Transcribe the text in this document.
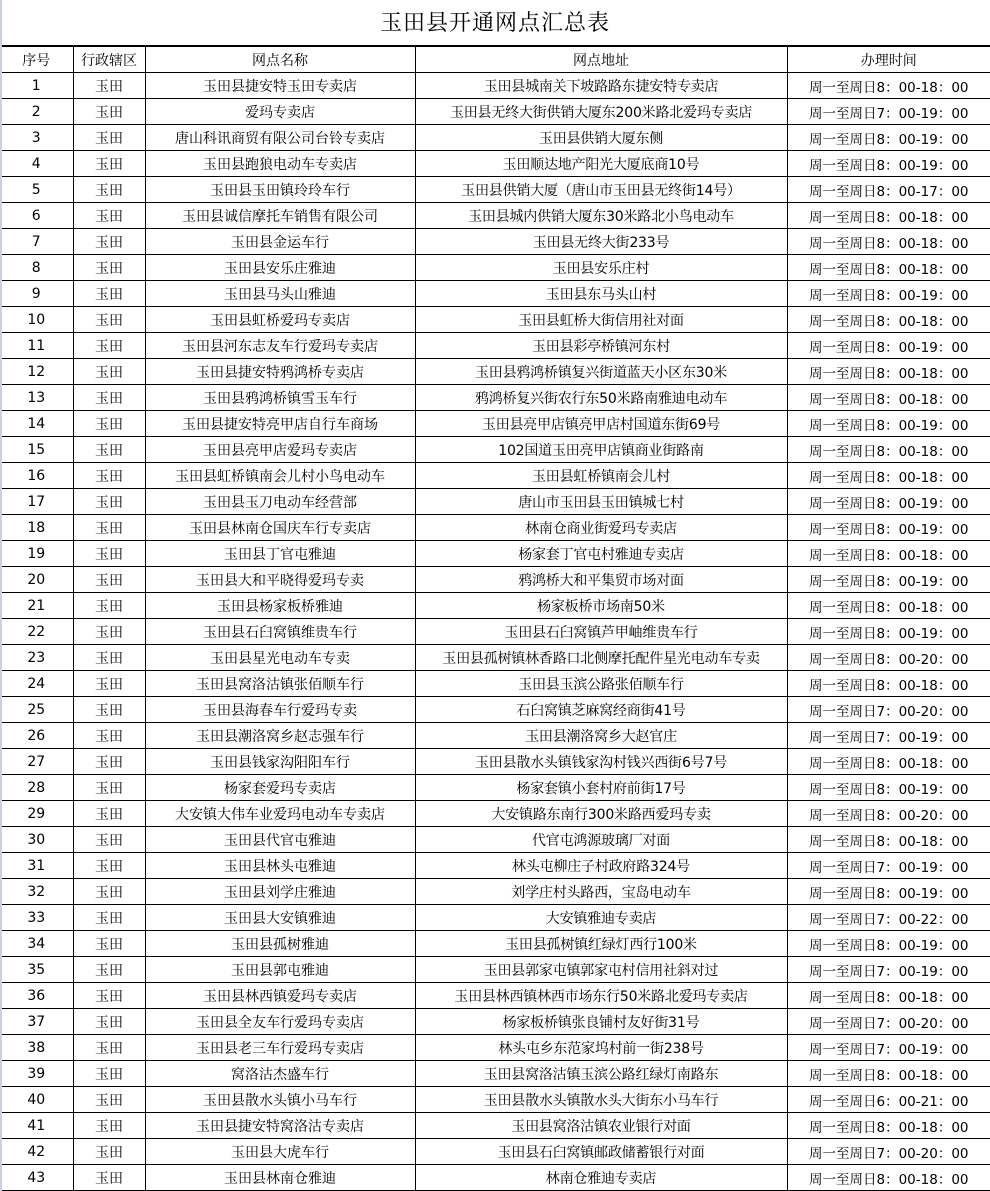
玉田县开通网点汇总表
序号	行政辖区	网点名称	网点地址	办理时间
1	玉田	玉田县捷安特玉田专卖店	玉田县城南关下坡路路东捷安特专卖店	周一至周日8：00-18：00
2	玉田	爱玛专卖店	玉田县无终大街供销大厦东200米路北爱玛专卖店	周一至周日7：00-19：00
3	玉田	唐山科讯商贸有限公司台铃专卖店	玉田县供销大厦东侧	周一至周日8：00-19：00
4	玉田	玉田县跑狼电动车专卖店	玉田顺达地产阳光大厦底商10号	周一至周日8：00-19：00
5	玉田	玉田县玉田镇玲玲车行	玉田县供销大厦（唐山市玉田县无终街14号）	周一至周日8：00-17：00
6	玉田	玉田县诚信摩托车销售有限公司	玉田县城内供销大厦东30米路北小鸟电动车	周一至周日8：00-18：00
7	玉田	玉田县金运车行	玉田县无终大街233号	周一至周日8：00-18：00
8	玉田	玉田县安乐庄雅迪	玉田县安乐庄村	周一至周日8：00-18：00
9	玉田	玉田县马头山雅迪	玉田县东马头山村	周一至周日8：00-19：00
10	玉田	玉田县虹桥爱玛专卖店	玉田县虹桥大街信用社对面	周一至周日8：00-18：00
11	玉田	玉田县河东志友车行爱玛专卖店	玉田县彩亭桥镇河东村	周一至周日8：00-19：00
12	玉田	玉田县捷安特鸦鸿桥专卖店	玉田县鸦鸿桥镇复兴街道蓝天小区东30米	周一至周日8：00-18：00
13	玉田	玉田县鸦鸿桥镇雪玉车行	鸦鸿桥复兴街农行东50米路南雅迪电动车	周一至周日8：00-18：00
14	玉田	玉田县捷安特亮甲店自行车商场	玉田县亮甲店镇亮甲店村国道东街69号	周一至周日8：00-19：00
15	玉田	玉田县亮甲店爱玛专卖店	102国道玉田亮甲店镇商业街路南	周一至周日8：00-18：00
16	玉田	玉田县虹桥镇南会儿村小鸟电动车	玉田县虹桥镇南会儿村	周一至周日8：00-18：00
17	玉田	玉田县玉刀电动车经营部	唐山市玉田县玉田镇城七村	周一至周日8：00-19：00
18	玉田	玉田县林南仓国庆车行专卖店	林南仓商业街爱玛专卖店	周一至周日8：00-19：00
19	玉田	玉田县丁官屯雅迪	杨家套丁官屯村雅迪专卖店	周一至周日8：00-18：00
20	玉田	玉田县大和平晓得爱玛专卖	鸦鸿桥大和平集贸市场对面	周一至周日8：00-19：00
21	玉田	玉田县杨家板桥雅迪	杨家板桥市场南50米	周一至周日8：00-18：00
22	玉田	玉田县石臼窝镇维贵车行	玉田县石臼窝镇芦甲岫维贵车行	周一至周日8：00-19：00
23	玉田	玉田县星光电动车专卖	玉田县孤树镇林香路口北侧摩托配件星光电动车专卖	周一至周日8：00-20：00
24	玉田	玉田县窝洛沽镇张佰顺车行	玉田县玉滨公路张佰顺车行	周一至周日8：00-18：00
25	玉田	玉田县海春车行爱玛专卖	石臼窝镇芝麻窝经商街41号	周一至周日7：00-20：00
26	玉田	玉田县潮洛窝乡赵志强车行	玉田县潮洛窝乡大赵官庄	周一至周日7：00-19：00
27	玉田	玉田县钱家沟阳阳车行	玉田县散水头镇钱家沟村钱兴西街6号7号	周一至周日8：00-18：00
28	玉田	杨家套爱玛专卖店	杨家套镇小套村府前街17号	周一至周日8：00-19：00
29	玉田	大安镇大伟车业爱玛电动车专卖店	大安镇路东南行300米路西爱玛专卖	周一至周日8：00-20：00
30	玉田	玉田县代官屯雅迪	代官屯鸿源玻璃厂对面	周一至周日8：00-18：00
31	玉田	玉田县林头屯雅迪	林头屯柳庄子村政府路324号	周一至周日7：00-19：00
32	玉田	玉田县刘学庄雅迪	刘学庄村头路西，宝岛电动车	周一至周日8：00-19：00
33	玉田	玉田县大安镇雅迪	大安镇雅迪专卖店	周一至周日7：00-22：00
34	玉田	玉田县孤树雅迪	玉田县孤树镇红绿灯西行100米	周一至周日8：00-19：00
35	玉田	玉田县郭屯雅迪	玉田县郭家屯镇郭家屯村信用社斜对过	周一至周日7：00-19：00
36	玉田	玉田县林西镇爱玛专卖店	玉田县林西镇林西市场东行50米路北爱玛专卖店	周一至周日8：00-18：00
37	玉田	玉田县全友车行爱玛专卖店	杨家板桥镇张良铺村友好街31号	周一至周日7：00-20：00
38	玉田	玉田县老三车行爱玛专卖店	林头屯乡东范家坞村前一街238号	周一至周日7：00-19：00
39	玉田	窝洛沽杰盛车行	玉田县窝洛沽镇玉滨公路红绿灯南路东	周一至周日8：00-18：00
40	玉田	玉田县散水头镇小马车行	玉田县散水头镇散水头大街东小马车行	周一至周日6：00-21：00
41	玉田	玉田县捷安特窝洛沽专卖店	玉田县窝洛沽镇农业银行对面	周一至周日8：00-18：00
42	玉田	玉田县大虎车行	玉田县石臼窝镇邮政储蓄银行对面	周一至周日7：00-20：00
43	玉田	玉田县林南仓雅迪	林南仓雅迪专卖店	周一至周日8：00-18：00
